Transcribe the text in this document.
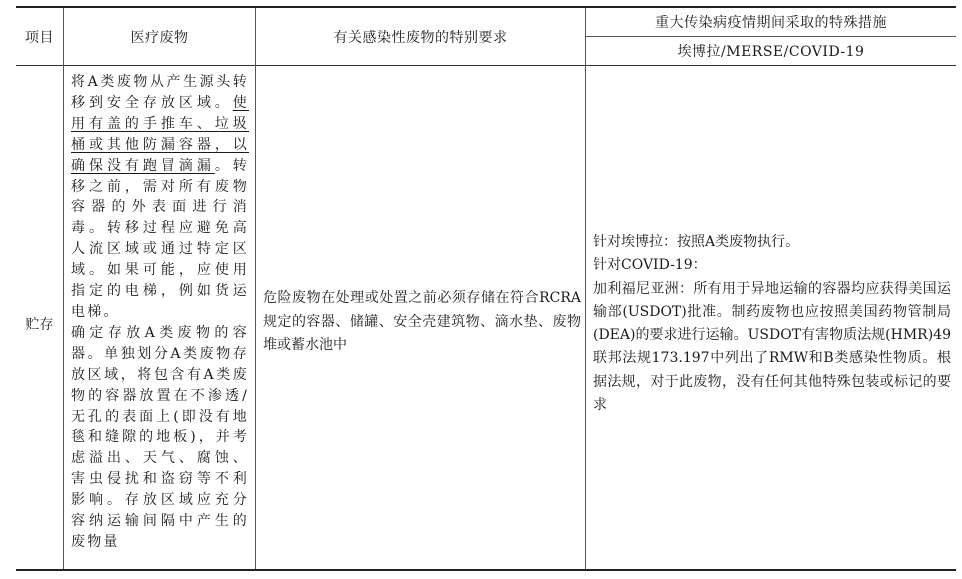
项目	医疗废物	有关感染性废物的特别要求
重大传染病疫情期间采取的特殊措施
埃博拉/MERSE/COVID-19
贮存

将A类废物从产生源头转移到安全存放区域。使用有盖的手推车、垃圾桶或其他防漏容器，以确保没有跑冒滴漏。转移之前，需对所有废物容器的外表面进行消毒。转移过程应避免高人流区域或通过特定区域。如果可能，应使用指定的电梯，例如货运电梯。

确定存放A类废物的容器。单独划分A类废物存放区域，将包含有A类废物的容器放置在不渗透/无孔的表面上(即没有地毯和缝隙的地板)，并考虑溢出、天气、腐蚀、害虫侵扰和盗窃等不利影响。存放区域应充分容纳运输间隔中产生的废物量

危险废物在处理或处置之前必须存储在符合RCRA规定的容器、储罐、安全壳建筑物、滴水垫、废物堆或蓄水池中

针对埃博拉：按照A类废物执行。

针对COVID-19：

加利福尼亚洲：所有用于异地运输的容器均应获得美国运输部(USDOT)批准。制药废物也应按照美国药物管制局(DEA)的要求进行运输。USDOT有害物质法规(HMR)49联邦法规173.197中列出了RMW和B类感染性物质。根据法规，对于此废物，没有任何其他特殊包装或标记的要求
